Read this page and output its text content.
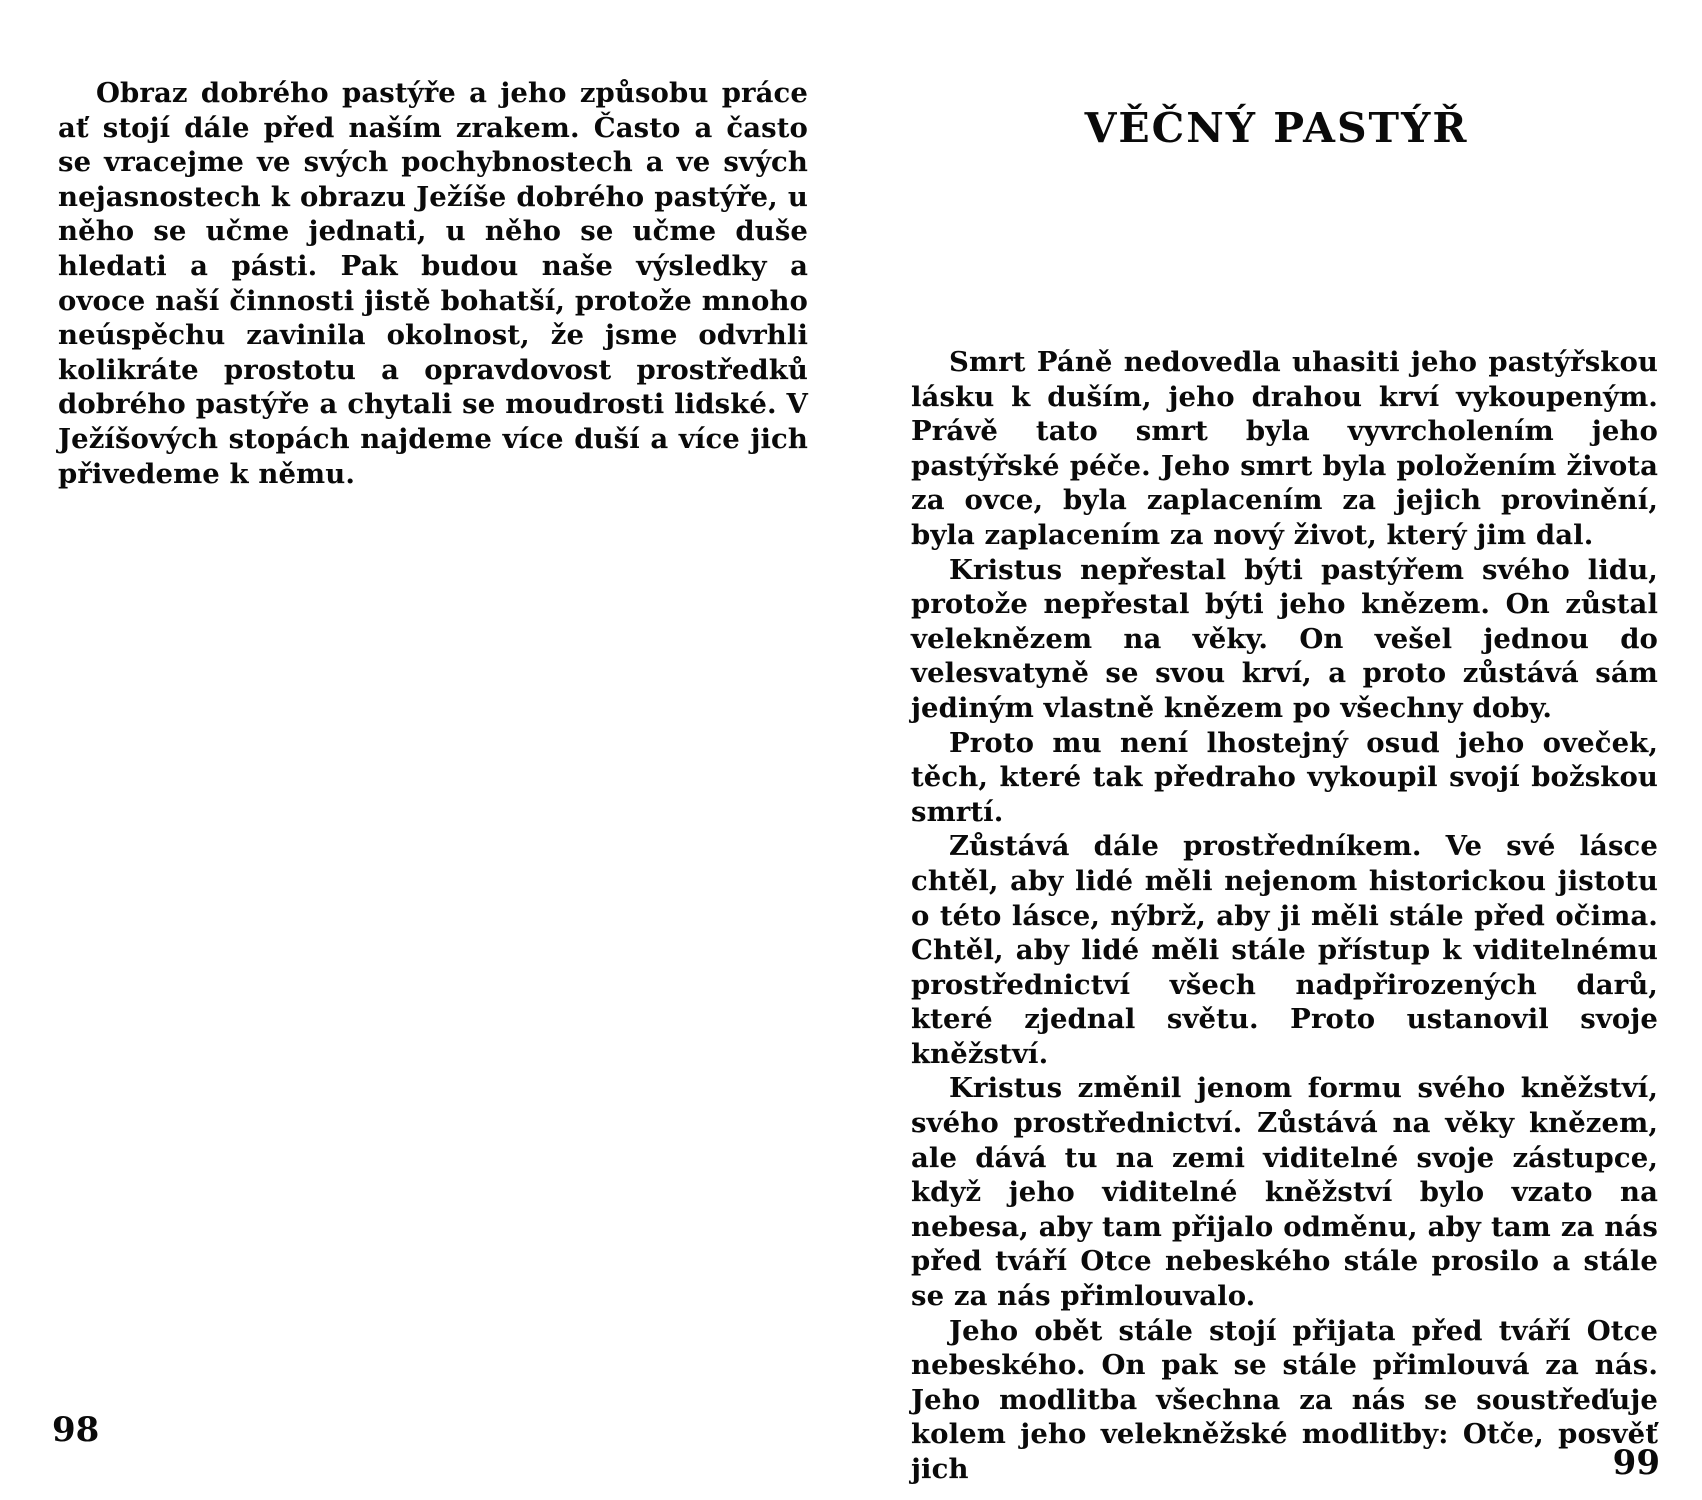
Obraz dobrého pastýře a jeho způsobu práce ať stojí dále před naším zrakem. Často a často se vracejme ve svých pochybnostech a ve svých nejasnostech k obrazu Ježíše dobrého pastýře, u něho se učme jednati, u něho se učme duše hledati a pásti. Pak budou naše výsledky a ovoce naší činnosti jistě bohatší, protože mnoho neúspěchu zavinila okolnost, že jsme odvrhli kolikráte prostotu a opravdovost prostředků dobrého pastýře a chytali se moudrosti lidské. V Ježíšových stopách najdeme více duší a více jich přivedeme k němu.

98
VĚČNÝ PASTÝŘ

Smrt Páně nedovedla uhasiti jeho pastýřskou lásku k duším, jeho drahou krví vykoupeným. Právě tato smrt byla vyvrcholením jeho pastýřské péče. Jeho smrt byla položením života za ovce, byla zaplacením za jejich provinění, byla zaplacením za nový život, který jim dal.

Kristus nepřestal býti pastýřem svého lidu, protože nepřestal býti jeho knězem. On zůstal veleknězem na věky. On vešel jednou do velesvatyně se svou krví, a proto zůstává sám jediným vlastně knězem po všechny doby.

Proto mu není lhostejný osud jeho oveček, těch, které tak předraho vykoupil svojí božskou smrtí.

Zůstává dále prostředníkem. Ve své lásce chtěl, aby lidé měli nejenom historickou jistotu o této lásce, nýbrž, aby ji měli stále před očima. Chtěl, aby lidé měli stále přístup k viditelnému prostřednictví všech nadpřirozených darů, které zjednal světu. Proto ustanovil svoje kněžství.

Kristus změnil jenom formu svého kněžství, svého prostřednictví. Zůstává na věky knězem, ale dává tu na zemi viditelné svoje zástupce, když jeho viditelné kněžství bylo vzato na nebesa, aby tam přijalo odměnu, aby tam za nás před tváří Otce nebeského stále prosilo a stále se za nás přimlouvalo.

Jeho obět stále stojí přijata před tváří Otce nebeského. On pak se stále přimlouvá za nás. Jeho modlitba všechna za nás se soustřeďuje kolem jeho velekněžské modlitby: Otče, posvěť jich	99
